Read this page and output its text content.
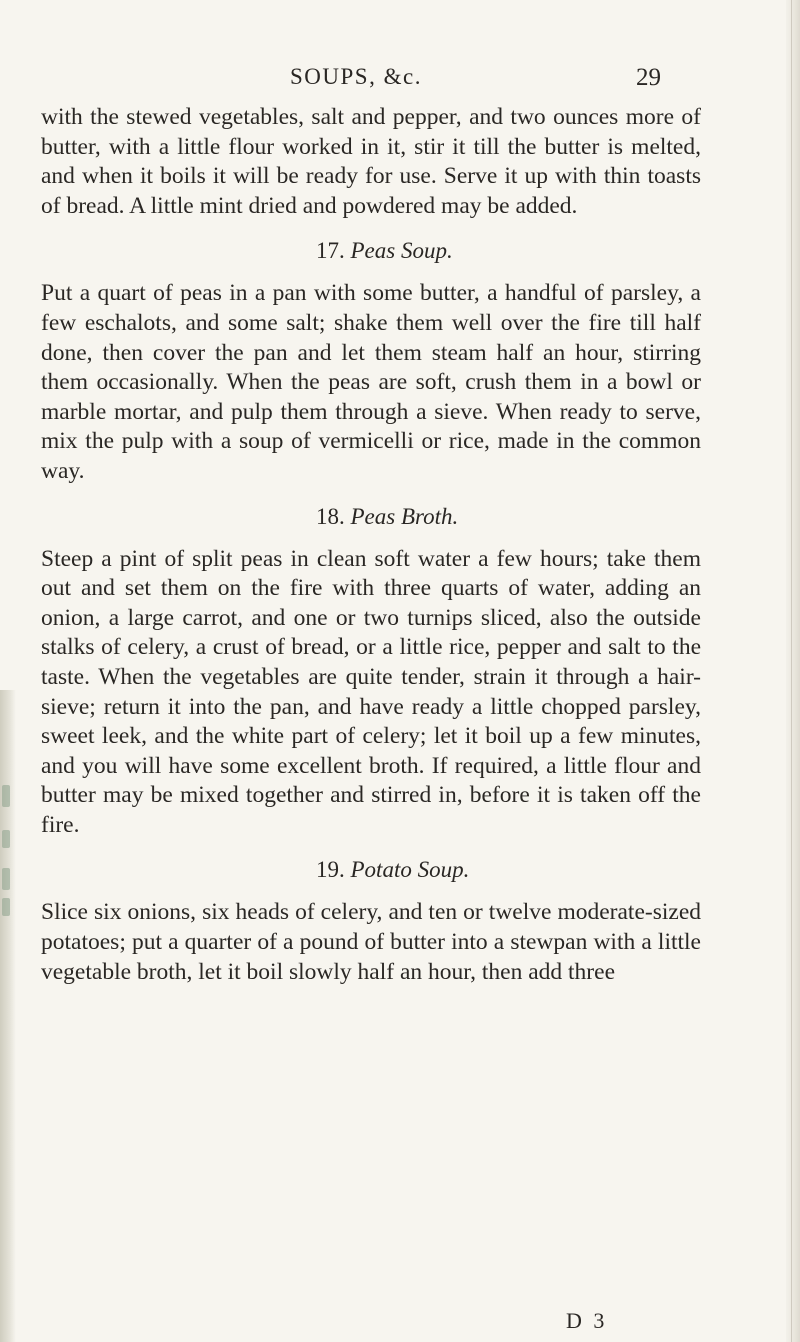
SOUPS, &c.	29

with the stewed vegetables, salt and pepper, and two ounces more of butter, with a little flour worked in it, stir it till the butter is melted, and when it boils it will be ready for use. Serve it up with thin toasts of bread. A little mint dried and powdered may be added.

17. Peas Soup.

Put a quart of peas in a pan with some butter, a handful of parsley, a few eschalots, and some salt; shake them well over the fire till half done, then cover the pan and let them steam half an hour, stirring them occasionally. When the peas are soft, crush them in a bowl or marble mortar, and pulp them through a sieve. When ready to serve, mix the pulp with a soup of vermicelli or rice, made in the common way.

18. Peas Broth.

Steep a pint of split peas in clean soft water a few hours; take them out and set them on the fire with three quarts of water, adding an onion, a large carrot, and one or two turnips sliced, also the outside stalks of celery, a crust of bread, or a little rice, pepper and salt to the taste. When the vegetables are quite tender, strain it through a hair-sieve; return it into the pan, and have ready a little chopped parsley, sweet leek, and the white part of celery; let it boil up a few minutes, and you will have some excellent broth. If required, a little flour and butter may be mixed together and stirred in, before it is taken off the fire.

19. Potato Soup.

Slice six onions, six heads of celery, and ten or twelve moderate-sized potatoes; put a quarter of a pound of butter into a stewpan with a little vegetable broth, let it boil slowly half an hour, then add three

D 3
